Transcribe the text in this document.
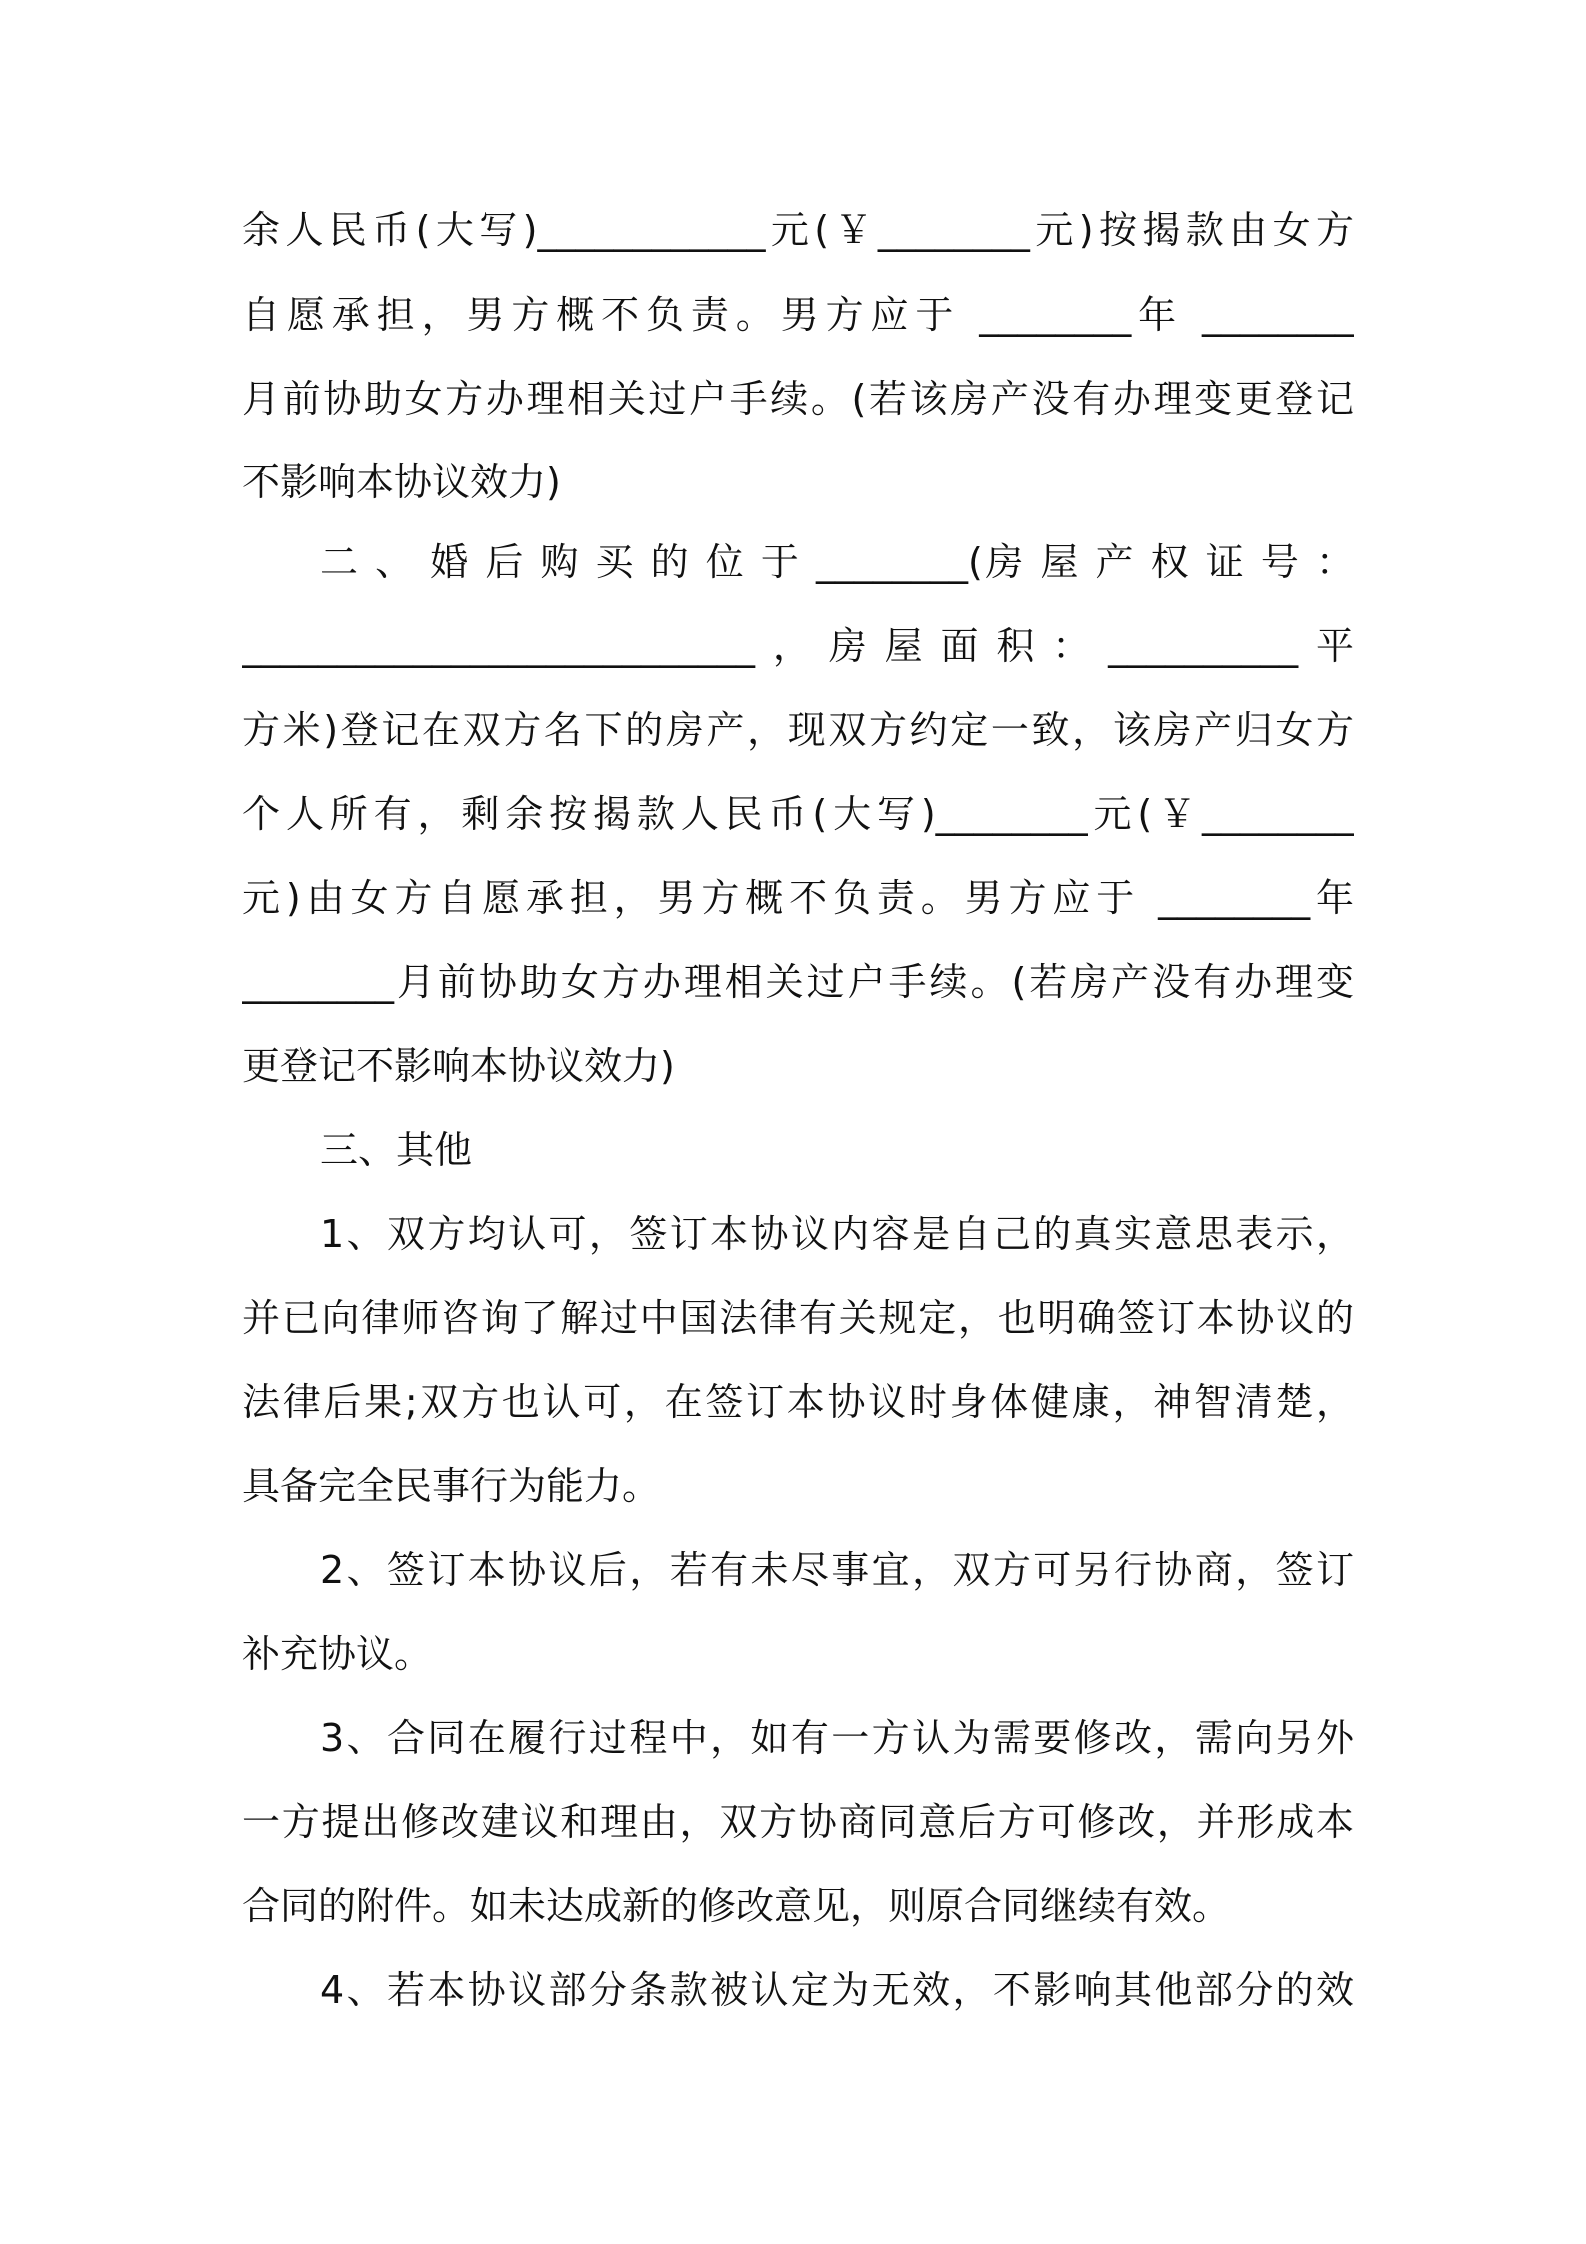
余人民币(大写)____________元(￥________元)按揭款由女方
自愿承担，男方概不负责。男方应于 ________年 ________
月前协助女方办理相关过户手续。(若该房产没有办理变更登记
不影响本协议效力)
二 、 婚 后 购 买 的 位 于 ________(房 屋 产 权 证 号 ：
___________________________，房屋面积：__________平
方米)登记在双方名下的房产，现双方约定一致，该房产归女方
个人所有，剩余按揭款人民币(大写)________元(￥________
元)由女方自愿承担，男方概不负责。男方应于 ________年
________月前协助女方办理相关过户手续。(若房产没有办理变
更登记不影响本协议效力)
三、其他
1、双方均认可，签订本协议内容是自己的真实意思表示，
并已向律师咨询了解过中国法律有关规定，也明确签订本协议的
法律后果;双方也认可，在签订本协议时身体健康，神智清楚，
具备完全民事行为能力。
2、签订本协议后，若有未尽事宜，双方可另行协商，签订
补充协议。
3、合同在履行过程中，如有一方认为需要修改，需向另外
一方提出修改建议和理由，双方协商同意后方可修改，并形成本
合同的附件。如未达成新的修改意见，则原合同继续有效。
4、若本协议部分条款被认定为无效，不影响其他部分的效
